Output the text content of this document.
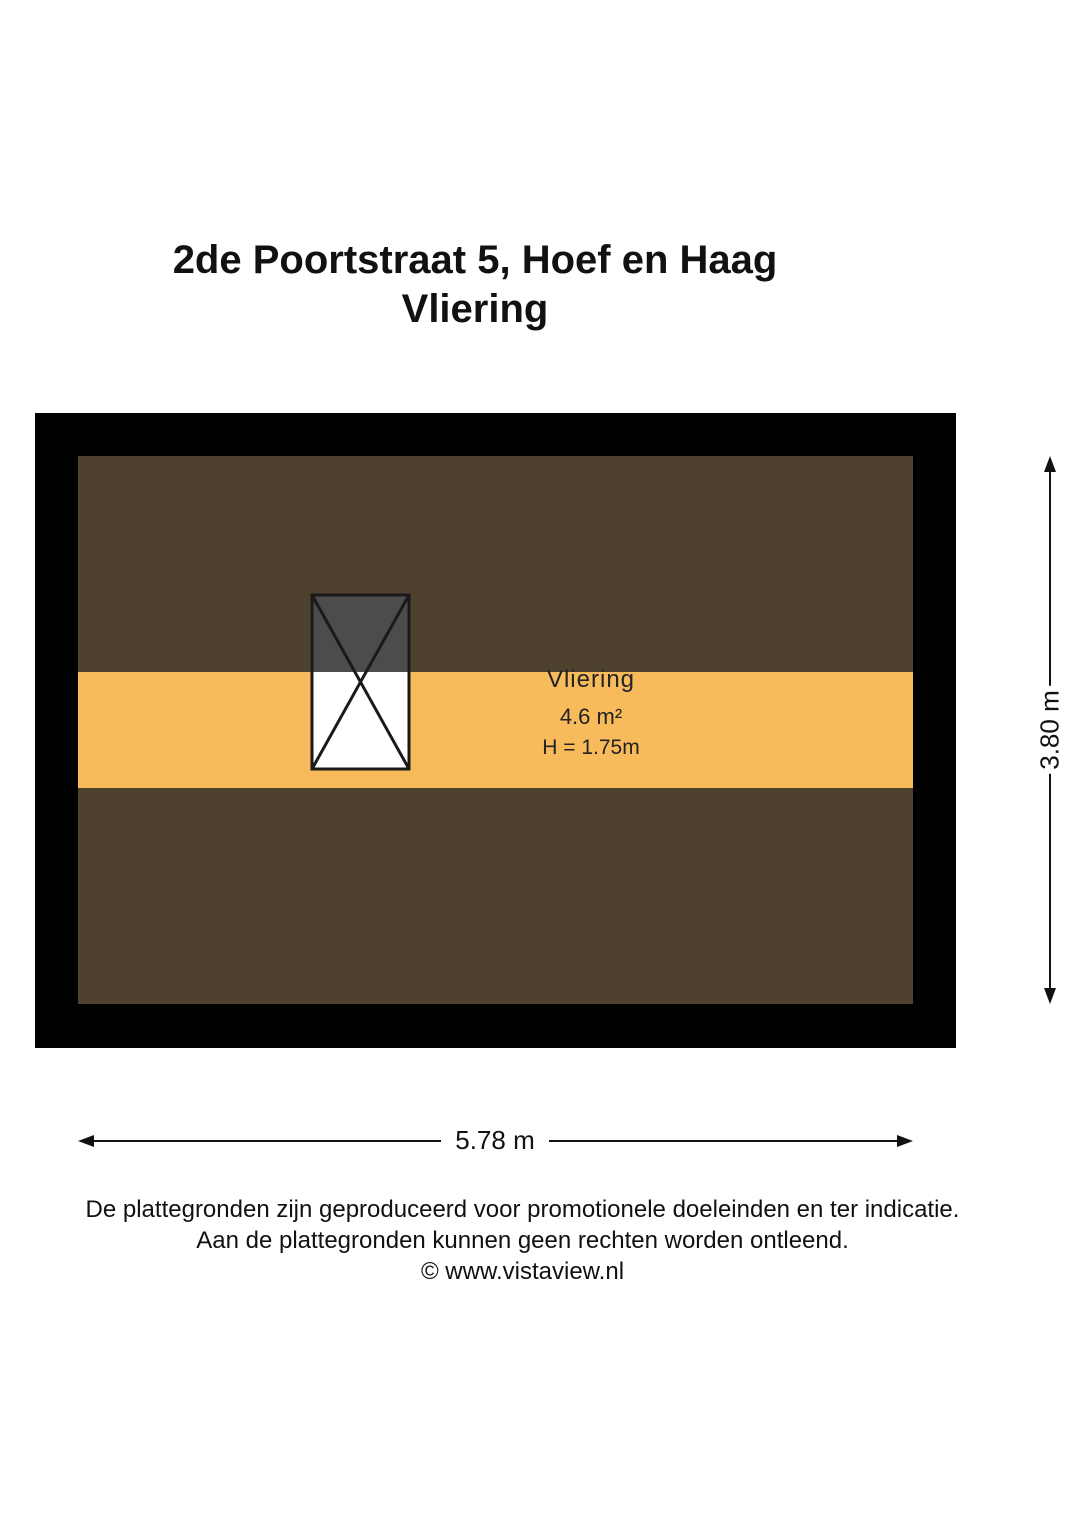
2de Poortstraat 5, Hoef en Haag
Vliering

Vliering

4.6 m²

H = 1.75m

5.78 m
3.80 m

De plattegronden zijn geproduceerd voor promotionele doeleinden en ter indicatie.

Aan de plattegronden kunnen geen rechten worden ontleend.

© www.vistaview.nl
